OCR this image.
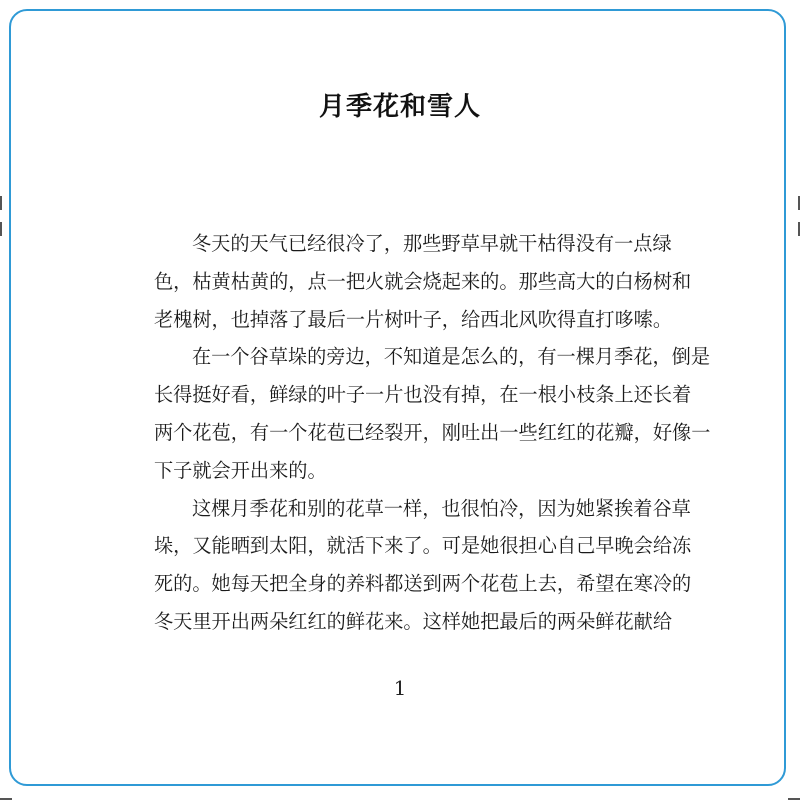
月季花和雪人
冬天的天气已经很冷了，那些野草早就干枯得没有一点绿
色，枯黄枯黄的，点一把火就会烧起来的。那些高大的白杨树和
老槐树，也掉落了最后一片树叶子，给西北风吹得直打哆嗦。
在一个谷草垛的旁边，不知道是怎么的，有一棵月季花，倒是
长得挺好看，鲜绿的叶子一片也没有掉，在一根小枝条上还长着
两个花苞，有一个花苞已经裂开，刚吐出一些红红的花瓣，好像一
下子就会开出来的。
这棵月季花和别的花草一样，也很怕冷，因为她紧挨着谷草
垛，又能晒到太阳，就活下来了。可是她很担心自己早晚会给冻
死的。她每天把全身的养料都送到两个花苞上去，希望在寒冷的
冬天里开出两朵红红的鲜花来。这样她把最后的两朵鲜花献给
1
